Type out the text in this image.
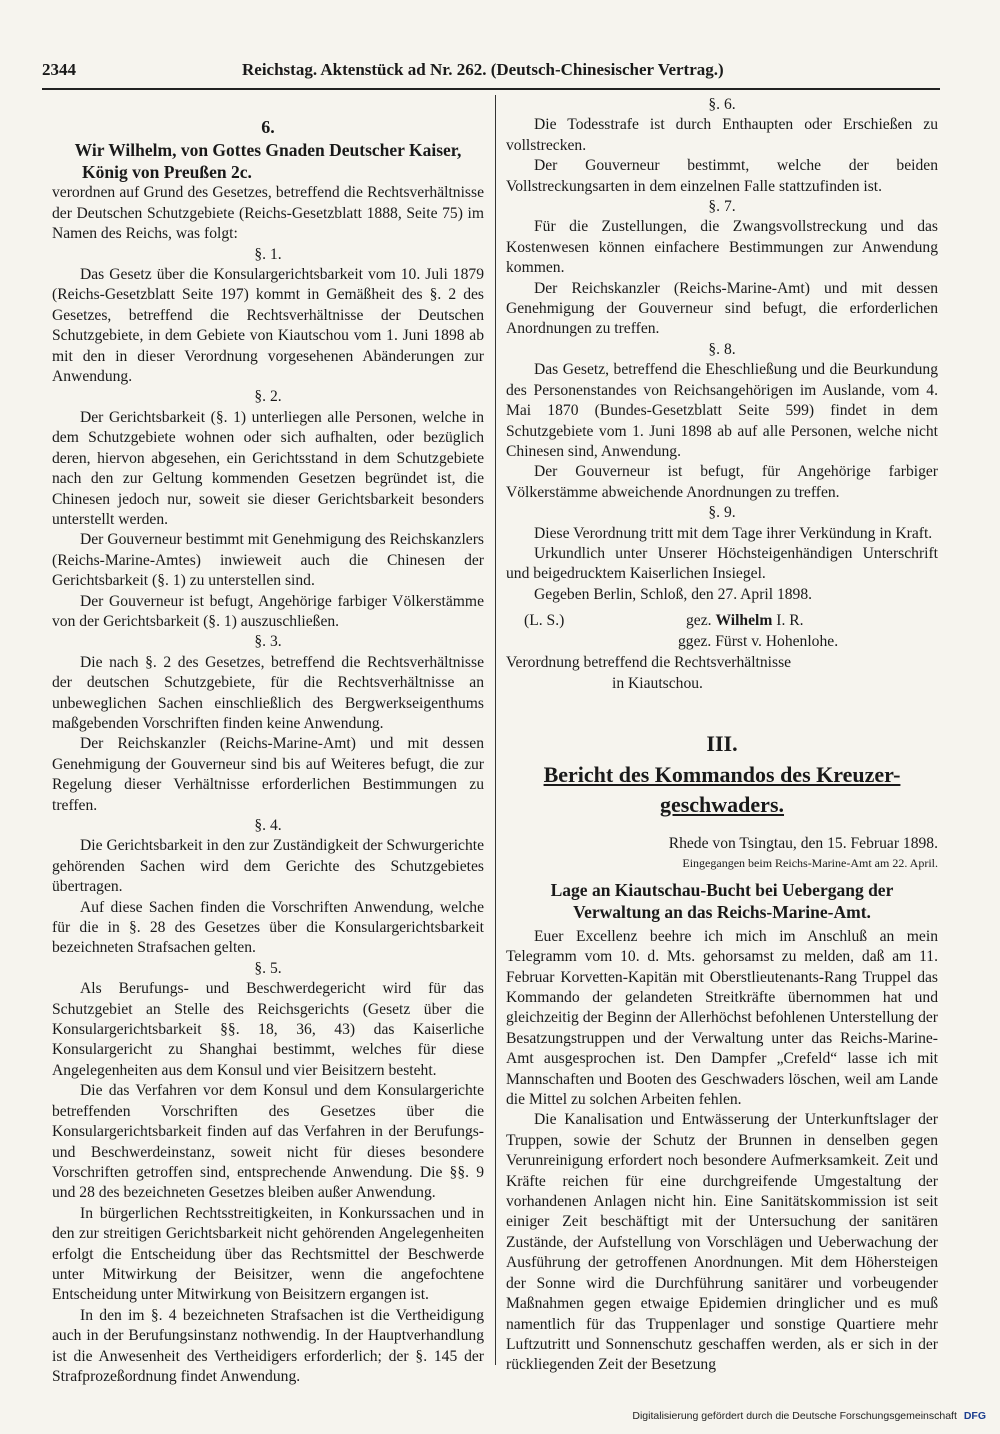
2344	Reichstag. Aktenstück ad Nr. 262. (Deutsch-Chinesischer Vertrag.)
6.
Wir Wilhelm, von Gottes Gnaden Deutscher Kaiser,
König von Preußen 2c.

verordnen auf Grund des Gesetzes, betreffend die Rechtsverhältnisse der Deutschen Schutzgebiete (Reichs-Gesetzblatt 1888, Seite 75) im Namen des Reichs, was folgt:

§. 1.

Das Gesetz über die Konsulargerichtsbarkeit vom 10. Juli 1879 (Reichs-Gesetzblatt Seite 197) kommt in Gemäßheit des §. 2 des Gesetzes, betreffend die Rechtsverhältnisse der Deutschen Schutzgebiete, in dem Gebiete von Kiautschou vom 1. Juni 1898 ab mit den in dieser Verordnung vorgesehenen Abänderungen zur Anwendung.

§. 2.

Der Gerichtsbarkeit (§. 1) unterliegen alle Personen, welche in dem Schutzgebiete wohnen oder sich aufhalten, oder bezüglich deren, hiervon abgesehen, ein Gerichtsstand in dem Schutzgebiete nach den zur Geltung kommenden Gesetzen begründet ist, die Chinesen jedoch nur, soweit sie dieser Gerichtsbarkeit besonders unterstellt werden.

Der Gouverneur bestimmt mit Genehmigung des Reichskanzlers (Reichs-Marine-Amtes) inwieweit auch die Chinesen der Gerichtsbarkeit (§. 1) zu unterstellen sind.

Der Gouverneur ist befugt, Angehörige farbiger Völkerstämme von der Gerichtsbarkeit (§. 1) auszuschließen.

§. 3.

Die nach §. 2 des Gesetzes, betreffend die Rechtsverhältnisse der deutschen Schutzgebiete, für die Rechtsverhältnisse an unbeweglichen Sachen einschließlich des Bergwerkseigenthums maßgebenden Vorschriften finden keine Anwendung.

Der Reichskanzler (Reichs-Marine-Amt) und mit dessen Genehmigung der Gouverneur sind bis auf Weiteres befugt, die zur Regelung dieser Verhältnisse erforderlichen Bestimmungen zu treffen.

§. 4.

Die Gerichtsbarkeit in den zur Zuständigkeit der Schwurgerichte gehörenden Sachen wird dem Gerichte des Schutzgebietes übertragen.

Auf diese Sachen finden die Vorschriften Anwendung, welche für die in §. 28 des Gesetzes über die Konsulargerichtsbarkeit bezeichneten Strafsachen gelten.

§. 5.

Als Berufungs- und Beschwerdegericht wird für das Schutzgebiet an Stelle des Reichsgerichts (Gesetz über die Konsulargerichtsbarkeit §§. 18, 36, 43) das Kaiserliche Konsulargericht zu Shanghai bestimmt, welches für diese Angelegenheiten aus dem Konsul und vier Beisitzern besteht.

Die das Verfahren vor dem Konsul und dem Konsulargerichte betreffenden Vorschriften des Gesetzes über die Konsulargerichtsbarkeit finden auf das Verfahren in der Berufungs- und Beschwerdeinstanz, soweit nicht für dieses besondere Vorschriften getroffen sind, entsprechende Anwendung. Die §§. 9 und 28 des bezeichneten Gesetzes bleiben außer Anwendung.

In bürgerlichen Rechtsstreitigkeiten, in Konkurssachen und in den zur streitigen Gerichtsbarkeit nicht gehörenden Angelegenheiten erfolgt die Entscheidung über das Rechtsmittel der Beschwerde unter Mitwirkung der Beisitzer, wenn die angefochtene Entscheidung unter Mitwirkung von Beisitzern ergangen ist.

In den im §. 4 bezeichneten Strafsachen ist die Vertheidigung auch in der Berufungsinstanz nothwendig. In der Hauptverhandlung ist die Anwesenheit des Vertheidigers erforderlich; der §. 145 der Strafprozeßordnung findet Anwendung.

§. 6.

Die Todesstrafe ist durch Enthaupten oder Erschießen zu vollstrecken.

Der Gouverneur bestimmt, welche der beiden Vollstreckungsarten in dem einzelnen Falle stattzufinden ist.

§. 7.

Für die Zustellungen, die Zwangsvollstreckung und das Kostenwesen können einfachere Bestimmungen zur Anwendung kommen.

Der Reichskanzler (Reichs-Marine-Amt) und mit dessen Genehmigung der Gouverneur sind befugt, die erforderlichen Anordnungen zu treffen.

§. 8.

Das Gesetz, betreffend die Eheschließung und die Beurkundung des Personenstandes von Reichsangehörigen im Auslande, vom 4. Mai 1870 (Bundes-Gesetzblatt Seite 599) findet in dem Schutzgebiete vom 1. Juni 1898 ab auf alle Personen, welche nicht Chinesen sind, Anwendung.

Der Gouverneur ist befugt, für Angehörige farbiger Völkerstämme abweichende Anordnungen zu treffen.

§. 9.

Diese Verordnung tritt mit dem Tage ihrer Verkündung in Kraft.

Urkundlich unter Unserer Höchsteigenhändigen Unterschrift und beigedrucktem Kaiserlichen Insiegel.

Gegeben Berlin, Schloß, den 27. April 1898.

(L. S.)	gez. Wilhelm I. R.
ggez. Fürst v. Hohenlohe.

Verordnung betreffend die Rechtsverhältnisse
in Kiautschou.

III.
Bericht des Kommandos des Kreuzer-
geschwaders.
Rhede von Tsingtau, den 15. Februar 1898.
Eingegangen beim Reichs-Marine-Amt am 22. April.
Lage an Kiautschau-Bucht bei Uebergang der
Verwaltung an das Reichs-Marine-Amt.

Euer Excellenz beehre ich mich im Anschluß an mein Telegramm vom 10. d. Mts. gehorsamst zu melden, daß am 11. Februar Korvetten-Kapitän mit Oberstlieutenants-Rang Truppel das Kommando der gelandeten Streitkräfte übernommen hat und gleichzeitig der Beginn der Allerhöchst befohlenen Unterstellung der Besatzungstruppen und der Verwaltung unter das Reichs-Marine-Amt ausgesprochen ist. Den Dampfer „Crefeld“ lasse ich mit Mannschaften und Booten des Geschwaders löschen, weil am Lande die Mittel zu solchen Arbeiten fehlen.

Die Kanalisation und Entwässerung der Unterkunftslager der Truppen, sowie der Schutz der Brunnen in denselben gegen Verunreinigung erfordert noch besondere Aufmerksamkeit. Zeit und Kräfte reichen für eine durchgreifende Umgestaltung der vorhandenen Anlagen nicht hin. Eine Sanitätskommission ist seit einiger Zeit beschäftigt mit der Untersuchung der sanitären Zustände, der Aufstellung von Vorschlägen und Ueberwachung der Ausführung der getroffenen Anordnungen. Mit dem Höhersteigen der Sonne wird die Durchführung sanitärer und vorbeugender Maßnahmen gegen etwaige Epidemien dringlicher und es muß namentlich für das Truppenlager und sonstige Quartiere mehr Luftzutritt und Sonnenschutz geschaffen werden, als er sich in der rückliegenden Zeit der Besetzung

Digitalisierung gefördert durch die Deutsche Forschungsgemeinschaft DFG
